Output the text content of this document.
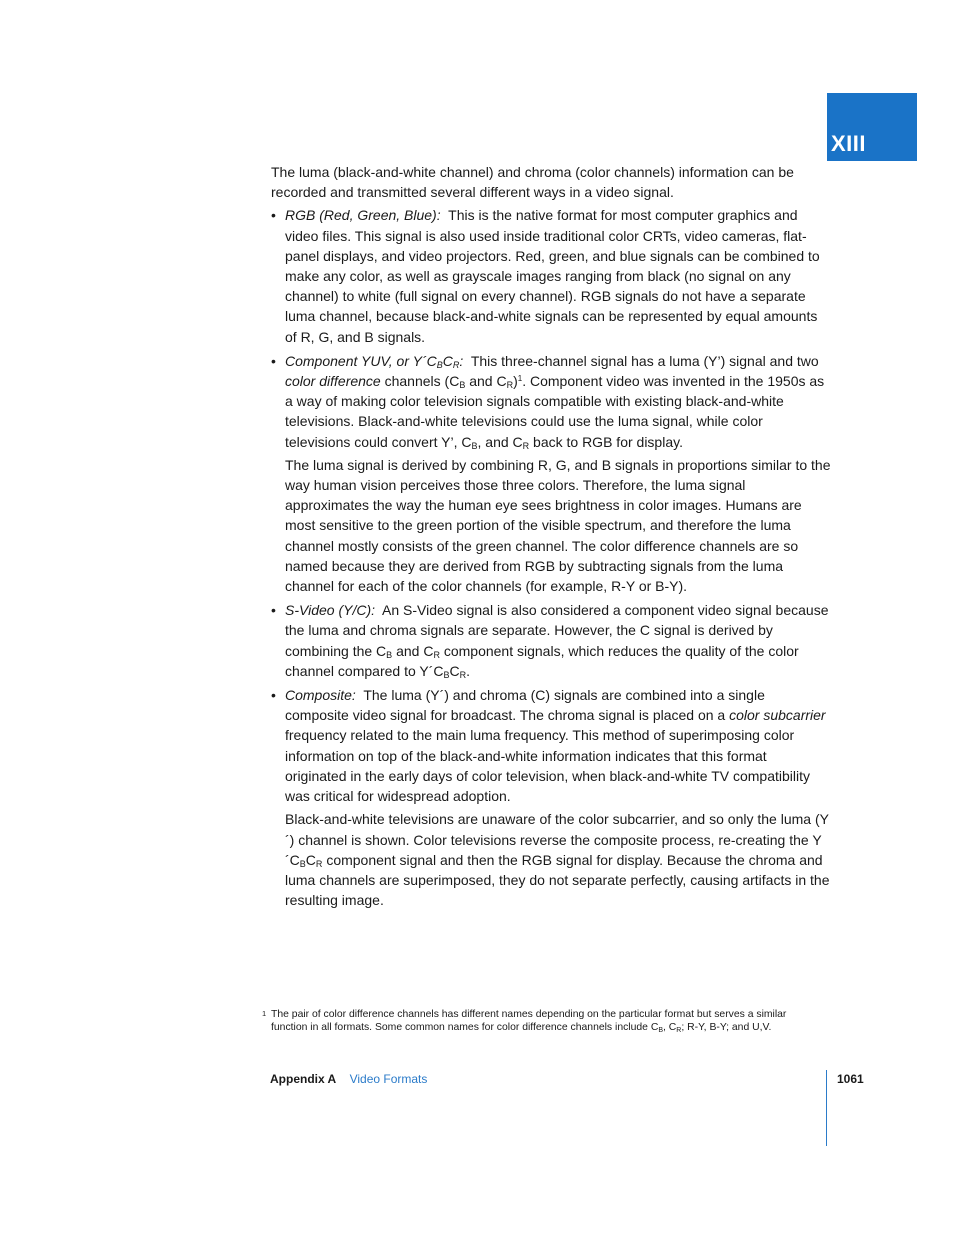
XIII

The luma (black-and-white channel) and chroma (color channels) information can be recorded and transmitted several different ways in a video signal.

• RGB (Red, Green, Blue): This is the native format for most computer graphics and video files. This signal is also used inside traditional color CRTs, video cameras, flat-panel displays, and video projectors. Red, green, and blue signals can be combined to make any color, as well as grayscale images ranging from black (no signal on any channel) to white (full signal on every channel). RGB signals do not have a separate luma channel, because black-and-white signals can be represented by equal amounts of R, G, and B signals.

• Component YUV, or $Y´C_BC_R$: This three-channel signal has a luma (Y’) signal and two color difference channels ($C_B$ and $C_R)^1$. Component video was invented in the 1950s as a way of making color television signals compatible with existing black-and-white televisions. Black-and-white televisions could use the luma signal, while color televisions could convert Y’, $C_B$, and $C_R$ back to RGB for display.

The luma signal is derived by combining R, G, and B signals in proportions similar to the way human vision perceives those three colors. Therefore, the luma signal approximates the way the human eye sees brightness in color images. Humans are most sensitive to the green portion of the visible spectrum, and therefore the luma channel mostly consists of the green channel. The color difference channels are so named because they are derived from RGB by subtracting signals from the luma channel for each of the color channels (for example, R-Y or B-Y).

• S-Video (Y/C): An S-Video signal is also considered a component video signal because the luma and chroma signals are separate. However, the C signal is derived by combining the $C_B$ and $C_R$ component signals, which reduces the quality of the color channel compared to $Y´C_BC_R$.

• Composite: The luma (Y´) and chroma (C) signals are combined into a single composite video signal for broadcast. The chroma signal is placed on a color subcarrier frequency related to the main luma frequency. This method of superimposing color information on top of the black-and-white information indicates that this format originated in the early days of color television, when black-and-white TV compatibility was critical for widespread adoption.

Black-and-white televisions are unaware of the color subcarrier, and so only the luma (Y´) channel is shown. Color televisions reverse the composite process, re-creating the $Y´C_BC_R$ component signal and then the RGB signal for display. Because the chroma and luma channels are superimposed, they do not separate perfectly, causing artifacts in the resulting image.

1 The pair of color difference channels has different names depending on the particular format but serves a similar function in all formats. Some common names for color difference channels include $C_B$, $C_R$; R-Y, B-Y; and U,V.
Appendix A Video Formats	1061
